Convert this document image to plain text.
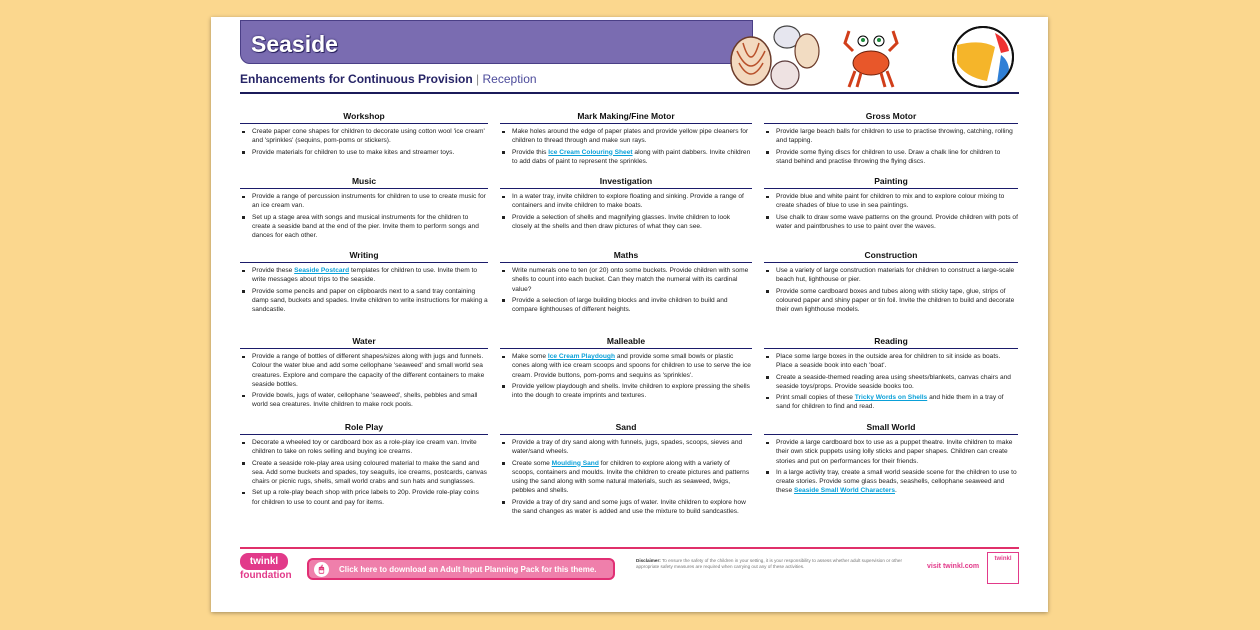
Seaside
Enhancements for Continuous Provision | Reception
Workshop
Create paper cone shapes for children to decorate using cotton wool 'ice cream' and 'sprinkles' (sequins, pom-poms or stickers).
Provide materials for children to use to make kites and streamer toys.
Music
Provide a range of percussion instruments for children to use to create music for an ice cream van.
Set up a stage area with songs and musical instruments for the children to create a seaside band at the end of the pier. Invite them to perform songs and dances for each other.
Writing
Provide these Seaside Postcard templates for children to use. Invite them to write messages about trips to the seaside.
Provide some pencils and paper on clipboards next to a sand tray containing damp sand, buckets and spades. Invite children to write instructions for making a sandcastle.
Water
Provide a range of bottles of different shapes/sizes along with jugs and funnels. Colour the water blue and add some cellophane 'seaweed' and small world sea creatures. Explore and compare the capacity of the different containers to make seaside bottles.
Provide bowls, jugs of water, cellophane 'seaweed', shells, pebbles and small world sea creatures. Invite children to make rock pools.
Role Play
Decorate a wheeled toy or cardboard box as a role-play ice cream van. Invite children to take on roles selling and buying ice creams.
Create a seaside role-play area using coloured material to make the sand and sea. Add some buckets and spades, toy seagulls, ice creams, postcards, canvas chairs or picnic rugs, shells, small world crabs and sun hats and sunglasses.
Set up a role-play beach shop with price labels to 20p. Provide role-play coins for children to use to count and pay for items.
Mark Making/Fine Motor
Make holes around the edge of paper plates and provide yellow pipe cleaners for children to thread through and make sun rays.
Provide this Ice Cream Colouring Sheet along with paint dabbers. Invite children to add dabs of paint to represent the sprinkles.
Investigation
In a water tray, invite children to explore floating and sinking. Provide a range of containers and invite children to make boats.
Provide a selection of shells and magnifying glasses. Invite children to look closely at the shells and then draw pictures of what they can see.
Maths
Write numerals one to ten (or 20) onto some buckets. Provide children with some shells to count into each bucket. Can they match the numeral with its cardinal value?
Provide a selection of large building blocks and invite children to build and compare lighthouses of different heights.
Malleable
Make some Ice Cream Playdough and provide some small bowls or plastic cones along with ice cream scoops and spoons for children to use to serve the ice cream. Provide buttons, pom-poms and sequins as 'sprinkles'.
Provide yellow playdough and shells. Invite children to explore pressing the shells into the dough to create imprints and textures.
Sand
Provide a tray of dry sand along with funnels, jugs, spades, scoops, sieves and water/sand wheels.
Create some Moulding Sand for children to explore along with a variety of scoops, containers and moulds. Invite the children to create pictures and patterns using the sand along with some natural materials, such as seaweed, twigs, pebbles and shells.
Provide a tray of dry sand and some jugs of water. Invite children to explore how the sand changes as water is added and use the mixture to build sandcastles.
Gross Motor
Provide large beach balls for children to use to practise throwing, catching, rolling and tapping.
Provide some flying discs for children to use. Draw a chalk line for children to stand behind and practise throwing the flying discs.
Painting
Provide blue and white paint for children to mix and to explore colour mixing to create shades of blue to use in sea paintings.
Use chalk to draw some wave patterns on the ground. Provide children with pots of water and paintbrushes to use to paint over the waves.
Construction
Use a variety of large construction materials for children to construct a large-scale beach hut, lighthouse or pier.
Provide some cardboard boxes and tubes along with sticky tape, glue, strips of coloured paper and shiny paper or tin foil. Invite the children to build and decorate their own lighthouse models.
Reading
Place some large boxes in the outside area for children to sit inside as boats. Place a seaside book into each 'boat'.
Create a seaside-themed reading area using sheets/blankets, canvas chairs and seaside toys/props. Provide seaside books too.
Print small copies of these Tricky Words on Shells and hide them in a tray of sand for children to find and read.
Small World
Provide a large cardboard box to use as a puppet theatre. Invite children to make their own stick puppets using lolly sticks and paper shapes. Children can create stories and put on performances for their friends.
In a large activity tray, create a small world seaside scene for the children to use to create stories. Provide some glass beads, seashells, cellophane seaweed and these Seaside Small World Characters.
twinkl
foundation
🖱	Click here to download an Adult Input Planning Pack for this theme.
Disclaimer: To ensure the safety of the children in your setting, it is your responsibility to assess whether adult supervision or other appropriate safety measures are required when carrying out any of these activities.	visit twinkl.com
twinkl
